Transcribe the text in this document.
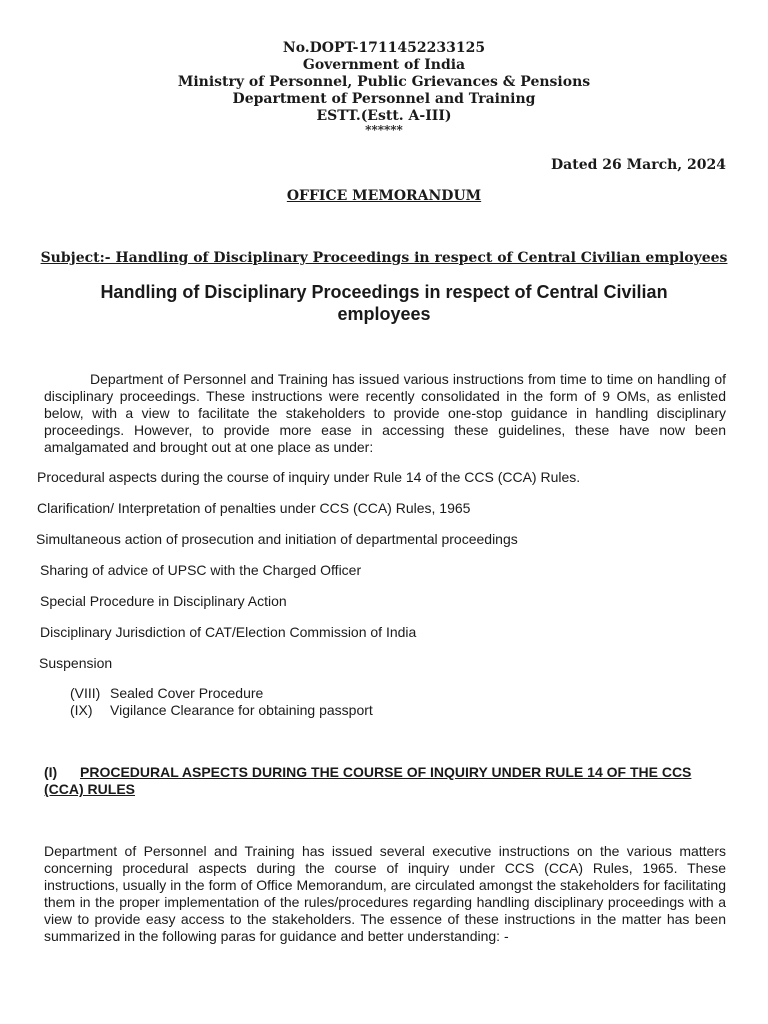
No.DOPT-1711452233125
Government of India
Ministry of Personnel, Public Grievances & Pensions
Department of Personnel and Training
ESTT.(Estt. A-III)
******
Dated 26 March, 2024
OFFICE MEMORANDUM
Subject:- Handling of Disciplinary Proceedings in respect of Central Civilian employees
Handling of Disciplinary Proceedings in respect of Central Civilian employees
Department of Personnel and Training has issued various instructions from time to time on handling of disciplinary proceedings. These instructions were recently consolidated in the form of 9 OMs, as enlisted below, with a view to facilitate the stakeholders to provide one-stop guidance in handling disciplinary proceedings. However, to provide more ease in accessing these guidelines, these have now been amalgamated and brought out at one place as under:
Procedural aspects during the course of inquiry under Rule 14 of the CCS (CCA) Rules.
Clarification/ Interpretation of penalties under CCS (CCA) Rules, 1965
Simultaneous action of prosecution and initiation of departmental proceedings
Sharing of advice of UPSC with the Charged Officer
Special Procedure in Disciplinary Action
Disciplinary Jurisdiction of CAT/Election Commission of India
Suspension
(VIII) Sealed Cover Procedure
(IX) Vigilance Clearance for obtaining passport
(I) PROCEDURAL ASPECTS DURING THE COURSE OF INQUIRY UNDER RULE 14 OF THE CCS (CCA) RULES
Department of Personnel and Training has issued several executive instructions on the various matters concerning procedural aspects during the course of inquiry under CCS (CCA) Rules, 1965. These instructions, usually in the form of Office Memorandum, are circulated amongst the stakeholders for facilitating them in the proper implementation of the rules/procedures regarding handling disciplinary proceedings with a view to provide easy access to the stakeholders. The essence of these instructions in the matter has been summarized in the following paras for guidance and better understanding: -
